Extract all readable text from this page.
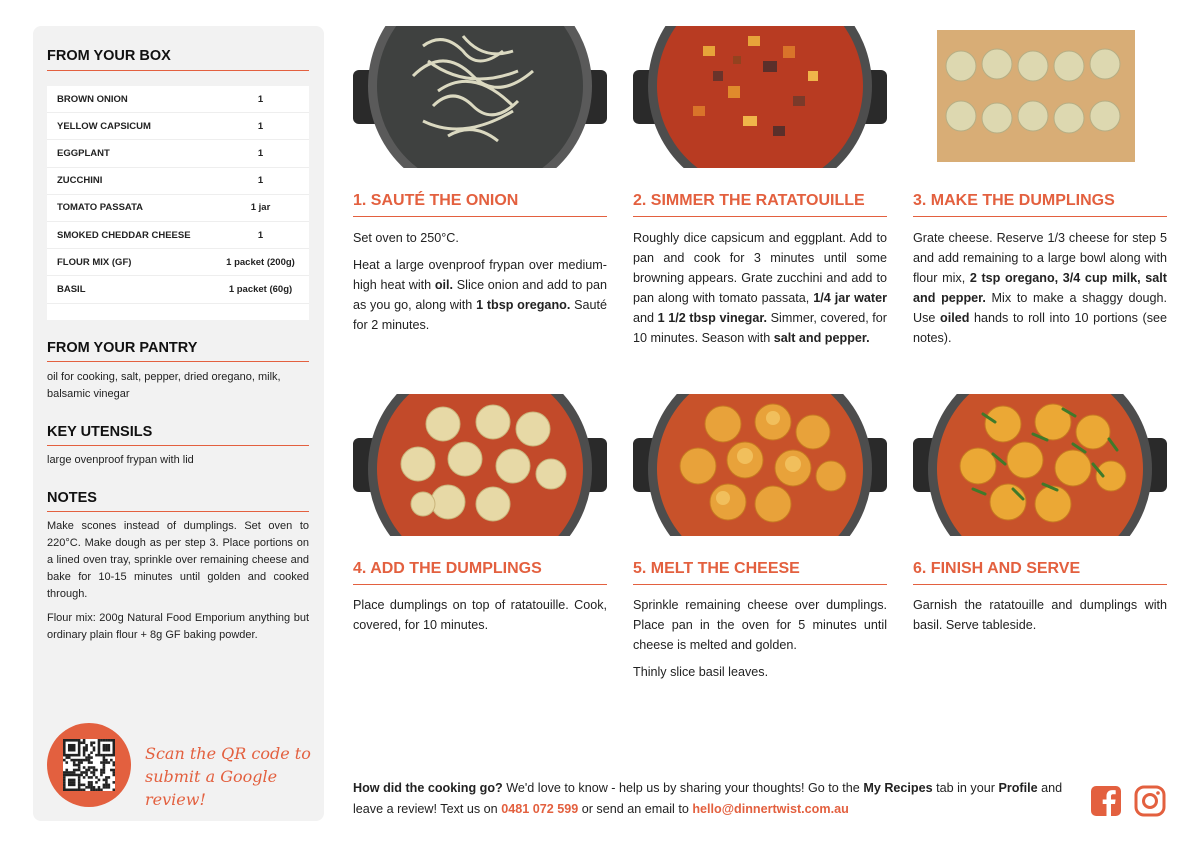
FROM YOUR BOX
BROWN ONION	1
YELLOW CAPSICUM	1
EGGPLANT	1
ZUCCHINI	1
TOMATO PASSATA	1 jar
SMOKED CHEDDAR CHEESE	1
FLOUR MIX (GF)	1 packet (200g)
BASIL	1 packet (60g)
FROM YOUR PANTRY
oil for cooking, salt, pepper, dried oregano, milk, balsamic vinegar
KEY UTENSILS
large ovenproof frypan with lid
NOTES

Make scones instead of dumplings. Set oven to 220°C. Make dough as per step 3. Place portions on a lined oven tray, sprinkle over remaining cheese and bake for 10-15 minutes until golden and cooked through.

Flour mix: 200g Natural Food Emporium anything but ordinary plain flour + 8g GF baking powder.

Scan the QR code to
submit a Google review!
1. SAUTÉ THE ONION

Set oven to 250°C.

Heat a large ovenproof frypan over medium-high heat with oil. Slice onion and add to pan as you go, along with 1 tbsp oregano. Sauté for 2 minutes.

2. SIMMER THE RATATOUILLE

Roughly dice capsicum and eggplant. Add to pan and cook for 3 minutes until some browning appears. Grate zucchini and add to pan along with tomato passata, 1/4 jar water and 1 1/2 tbsp vinegar. Simmer, covered, for 10 minutes. Season with salt and pepper.

3. MAKE THE DUMPLINGS

Grate cheese. Reserve 1/3 cheese for step 5 and add remaining to a large bowl along with flour mix, 2 tsp oregano, 3/4 cup milk, salt and pepper. Mix to make a shaggy dough. Use oiled hands to roll into 10 portions (see notes).

4. ADD THE DUMPLINGS

Place dumplings on top of ratatouille. Cook, covered, for 10 minutes.

5. MELT THE CHEESE

Sprinkle remaining cheese over dumplings. Place pan in the oven for 5 minutes until cheese is melted and golden.

Thinly slice basil leaves.

6. FINISH AND SERVE

Garnish the ratatouille and dumplings with basil. Serve tableside.

How did the cooking go? We'd love to know - help us by sharing your thoughts! Go to the My Recipes tab in your Profile and leave a review! Text us on 0481 072 599 or send an email to hello@dinnertwist.com.au
